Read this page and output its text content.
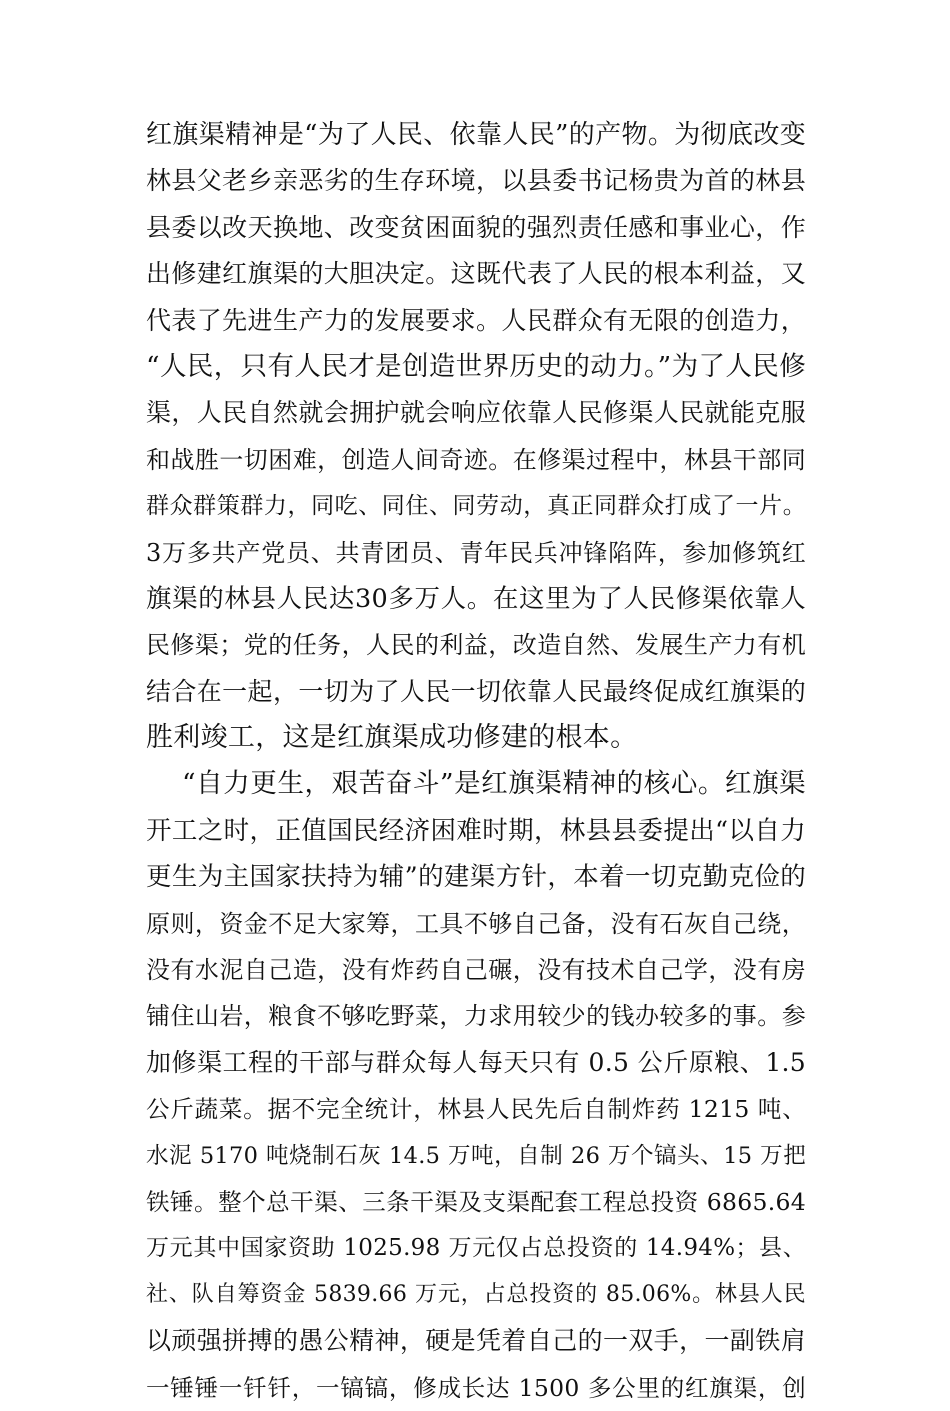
红旗渠精神是“为了人民、依靠人民”的产物。为彻底改变
林县父老乡亲恶劣的生存环境，以县委书记杨贵为首的林县
县委以改天换地、改变贫困面貌的强烈责任感和事业心，作
出修建红旗渠的大胆决定。这既代表了人民的根本利益，又
代表了先进生产力的发展要求。人民群众有无限的创造力，
“人民，只有人民才是创造世界历史的动力。”为了人民修
渠，人民自然就会拥护就会响应依靠人民修渠人民就能克服
和战胜一切困难，创造人间奇迹。在修渠过程中，林县干部同
群众群策群力，同吃、同住、同劳动，真正同群众打成了一片。
3万多共产党员、共青团员、青年民兵冲锋陷阵，参加修筑红
旗渠的林县人民达30多万人。在这里为了人民修渠依靠人
民修渠；党的任务，人民的利益，改造自然、发展生产力有机
结合在一起，一切为了人民一切依靠人民最终促成红旗渠的
胜利竣工，这是红旗渠成功修建的根本。
“自力更生，艰苦奋斗”是红旗渠精神的核心。红旗渠
开工之时，正值国民经济困难时期，林县县委提出“以自力
更生为主国家扶持为辅”的建渠方针，本着一切克勤克俭的
原则，资金不足大家筹，工具不够自己备，没有石灰自己绕，
没有水泥自己造，没有炸药自己碾，没有技术自己学，没有房
铺住山岩，粮食不够吃野菜，力求用较少的钱办较多的事。参
加修渠工程的干部与群众每人每天只有 0.5 公斤原粮、1.5
公斤蔬菜。据不完全统计，林县人民先后自制炸药 1215 吨、
水泥 5170 吨烧制石灰 14.5 万吨，自制 26 万个镐头、15 万把
铁锤。整个总干渠、三条干渠及支渠配套工程总投资 6865.64
万元其中国家资助 1025.98 万元仅占总投资的 14.94%；县、
社、队自筹资金 5839.66 万元，占总投资的 85.06%。林县人民
以顽强拼搏的愚公精神，硬是凭着自己的一双手，一副铁肩
一锤锤一钎钎，一镐镐，修成长达 1500 多公里的红旗渠，创
